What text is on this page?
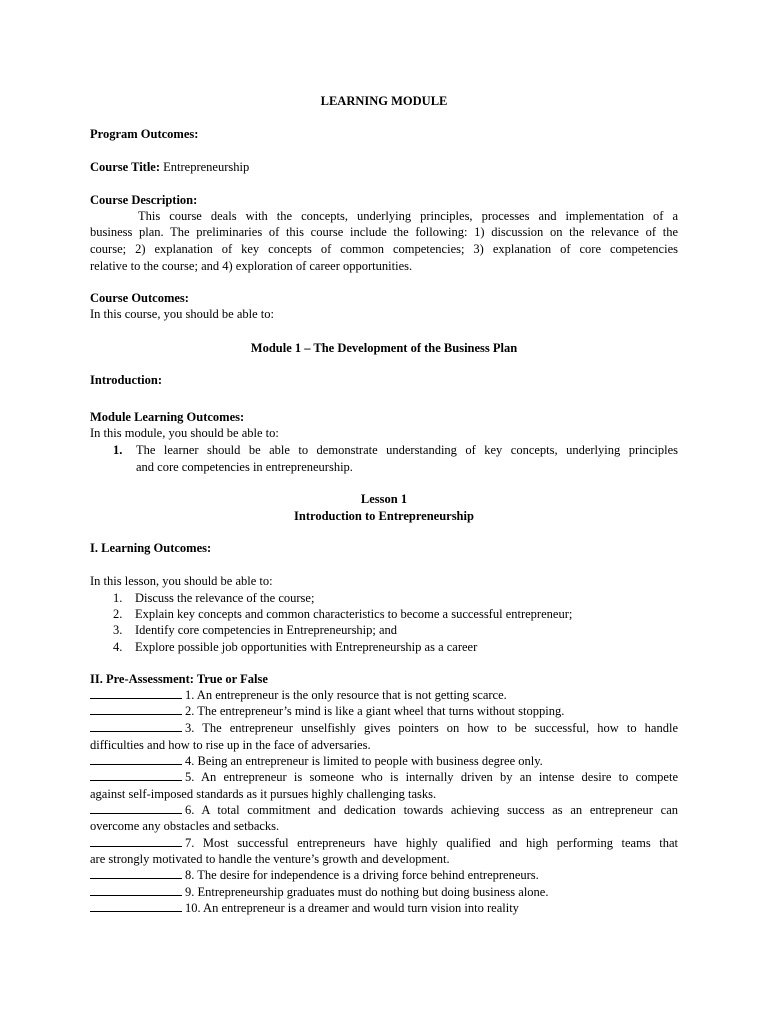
LEARNING MODULE
Program Outcomes:
Course Title: Entrepreneurship
Course Description:
This course deals with the concepts, underlying principles, processes and implementation of a
business plan. The preliminaries of this course include the following: 1) discussion on the relevance of the
course; 2) explanation of key concepts of common competencies; 3) explanation of core competencies
relative to the course; and 4) exploration of career opportunities.
Course Outcomes:
In this course, you should be able to:
Module 1 – The Development of the Business Plan
Introduction:
Module Learning Outcomes:
In this module, you should be able to:
1. The learner should be able to demonstrate understanding of key concepts, underlying principles
and core competencies in entrepreneurship.
Lesson 1
Introduction to Entrepreneurship
I. Learning Outcomes:
In this lesson, you should be able to:
1. Discuss the relevance of the course;
2. Explain key concepts and common characteristics to become a successful entrepreneur;
3. Identify core competencies in Entrepreneurship; and
4. Explore possible job opportunities with Entrepreneurship as a career
II. Pre-Assessment: True or False
1. An entrepreneur is the only resource that is not getting scarce.
2. The entrepreneur’s mind is like a giant wheel that turns without stopping.
3. The entrepreneur unselfishly gives pointers on how to be successful, how to handle
difficulties and how to rise up in the face of adversaries.
4. Being an entrepreneur is limited to people with business degree only.
5. An entrepreneur is someone who is internally driven by an intense desire to compete
against self-imposed standards as it pursues highly challenging tasks.
6. A total commitment and dedication towards achieving success as an entrepreneur can
overcome any obstacles and setbacks.
7. Most successful entrepreneurs have highly qualified and high performing teams that
are strongly motivated to handle the venture’s growth and development.
8. The desire for independence is a driving force behind entrepreneurs.
9. Entrepreneurship graduates must do nothing but doing business alone.
10. An entrepreneur is a dreamer and would turn vision into reality
